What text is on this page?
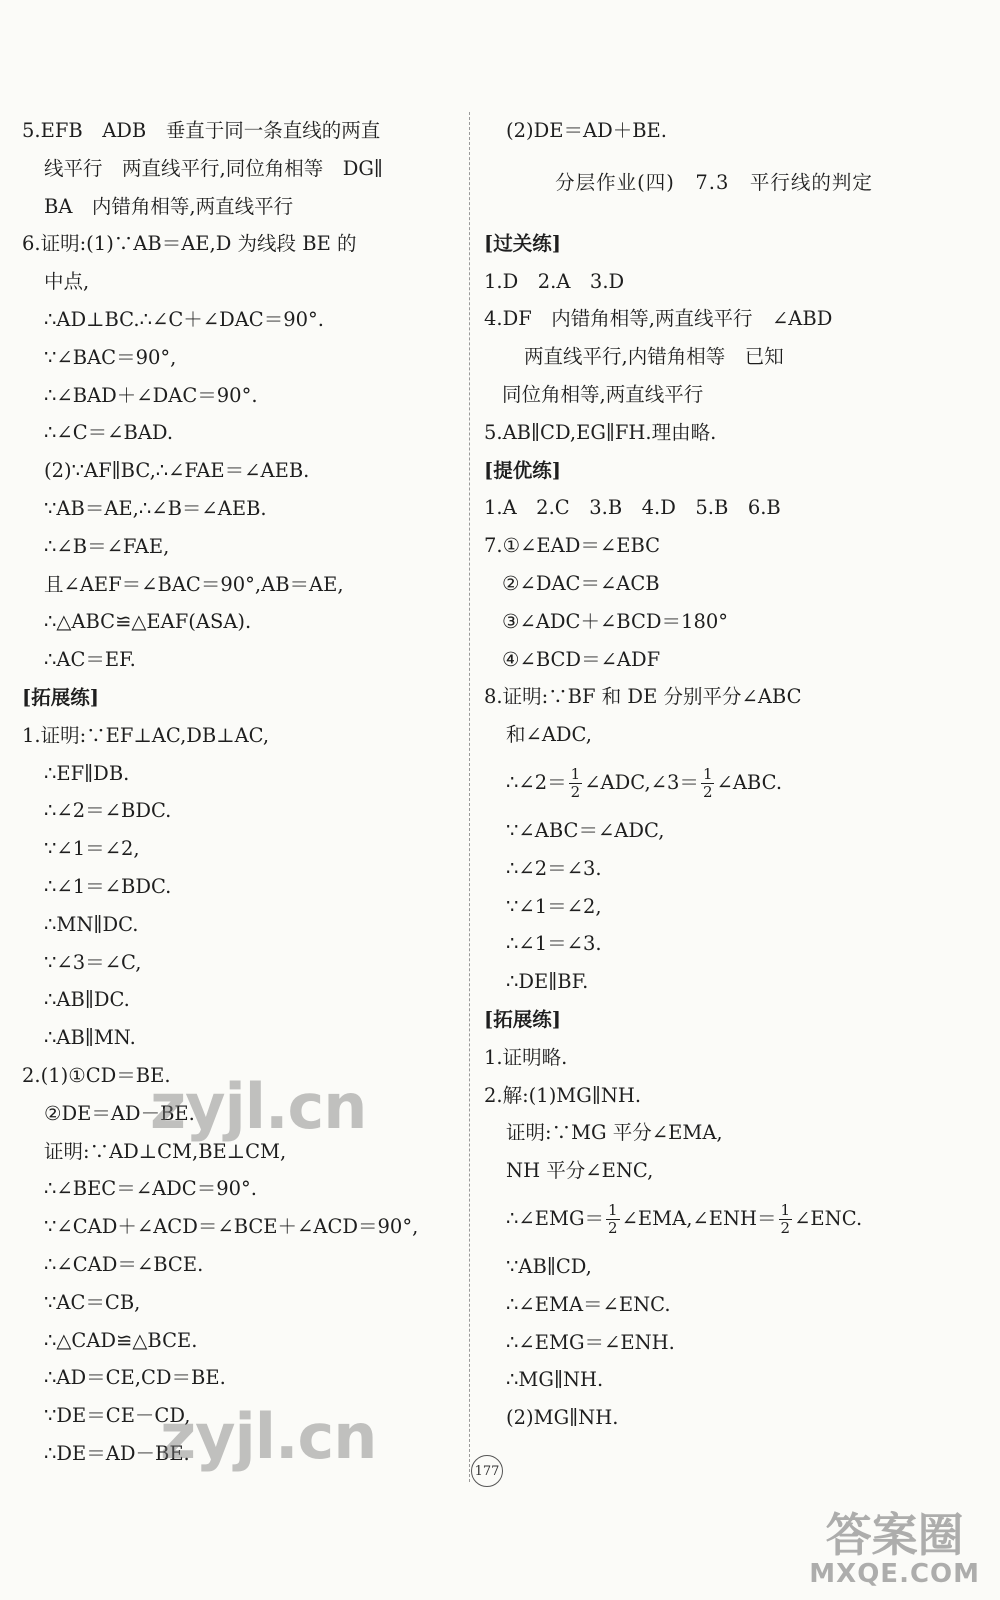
5.EFB　ADB　垂直于同一条直线的两直
线平行　两直线平行,同位角相等　DG∥
BA　内错角相等,两直线平行
6.证明:(1)∵AB＝AE,D 为线段 BE 的
中点,
∴AD⊥BC.∴∠C＋∠DAC＝90°.
∵∠BAC＝90°,
∴∠BAD＋∠DAC＝90°.
∴∠C＝∠BAD.
(2)∵AF∥BC,∴∠FAE＝∠AEB.
∵AB＝AE,∴∠B＝∠AEB.
∴∠B＝∠FAE,
且∠AEF＝∠BAC＝90°,AB＝AE,
∴△ABC≌△EAF(ASA).
∴AC＝EF.
[拓展练]
1.证明:∵EF⊥AC,DB⊥AC,
∴EF∥DB.
∴∠2＝∠BDC.
∵∠1＝∠2,
∴∠1＝∠BDC.
∴MN∥DC.
∵∠3＝∠C,
∴AB∥DC.
∴AB∥MN.
2.(1)①CD＝BE.
②DE＝AD－BE.
证明:∵AD⊥CM,BE⊥CM,
∴∠BEC＝∠ADC＝90°.
∵∠CAD＋∠ACD＝∠BCE＋∠ACD＝90°,
∴∠CAD＝∠BCE.
∵AC＝CB,
∴△CAD≌△BCE.
∴AD＝CE,CD＝BE.
∵DE＝CE－CD,
∴DE＝AD－BE.
(2)DE＝AD＋BE.
分层作业(四)　7.3　平行线的判定
[过关练]
1.D　2.A　3.D
4.DF　内错角相等,两直线平行　∠ABD
两直线平行,内错角相等　已知
同位角相等,两直线平行
5.AB∥CD,EG∥FH.理由略.
[提优练]
1.A　2.C　3.B　4.D　5.B　6.B
7.①∠EAD＝∠EBC
②∠DAC＝∠ACB
③∠ADC＋∠BCD＝180°
④∠BCD＝∠ADF
8.证明:∵BF 和 DE 分别平分∠ABC
和∠ADC,
∴∠2＝ $\frac{1}{2}$ ∠ADC,∠3＝ $\frac{1}{2}$ ∠ABC.
∵∠ABC＝∠ADC,
∴∠2＝∠3.
∵∠1＝∠2,
∴∠1＝∠3.
∴DE∥BF.
[拓展练]
1.证明略.
2.解:(1)MG∥NH.
证明:∵MG 平分∠EMA,
NH 平分∠ENC,
∴∠EMG＝ $\frac{1}{2}$ ∠EMA,∠ENH＝ $\frac{1}{2}$ ∠ENC.
∵AB∥CD,
∴∠EMA＝∠ENC.
∴∠EMG＝∠ENH.
∴MG∥NH.
(2)MG∥NH.
177
zyjl.cn
zyjl.cn
答案圈
MXQE.COM
